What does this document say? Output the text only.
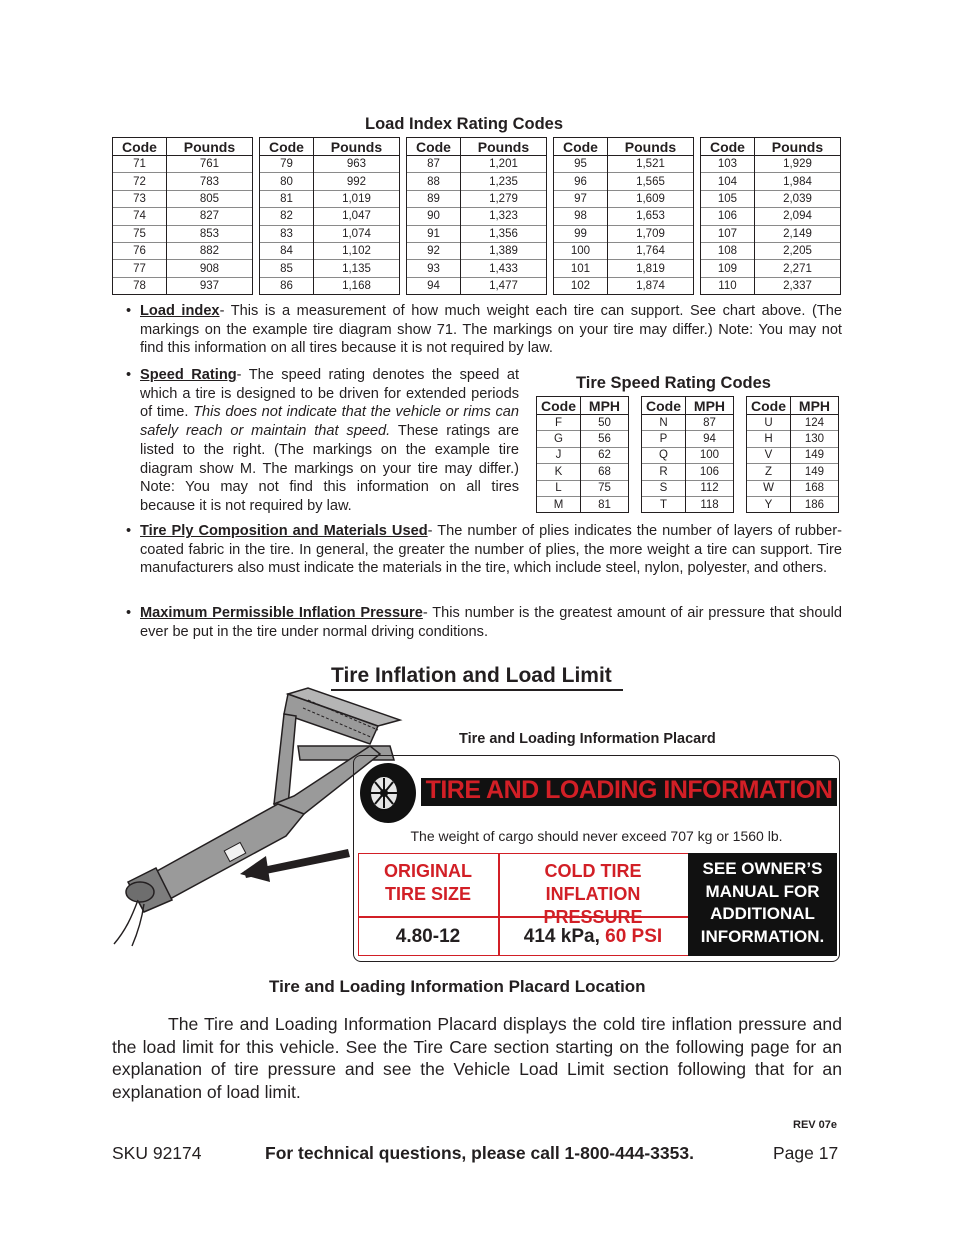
Load Index Rating Codes
Code	Pounds
71	761
72	783
73	805
74	827
75	853
76	882
77	908
78	937
Code	Pounds
79	963
80	992
81	1,019
82	1,047
83	1,074
84	1,102
85	1,135
86	1,168
Code	Pounds
87	1,201
88	1,235
89	1,279
90	1,323
91	1,356
92	1,389
93	1,433
94	1,477
Code	Pounds
95	1,521
96	1,565
97	1,609
98	1,653
99	1,709
100	1,764
101	1,819
102	1,874
Code	Pounds
103	1,929
104	1,984
105	2,039
106	2,094
107	2,149
108	2,205
109	2,271
110	2,337
• Load index- This is a measurement of how much weight each tire can support. See chart above. (The markings on the example tire diagram show 71. The markings on your tire may differ.) Note: You may not find this information on all tires because it is not required by law.
• Speed Rating- The speed rating denotes the speed at which a tire is designed to be driven for extended periods of time. This does not indicate that the vehicle or rims can safely reach or maintain that speed. These ratings are listed to the right. (The markings on the example tire diagram show M. The markings on your tire may differ.) Note: You may not find this information on all tires because it is not required by law.
Tire Speed Rating Codes
Code	MPH
F	50
G	56
J	62
K	68
L	75
M	81
Code	MPH
N	87
P	94
Q	100
R	106
S	112
T	118
Code	MPH
U	124
H	130
V	149
Z	149
W	168
Y	186
• Tire Ply Composition and Materials Used- The number of plies indicates the number of layers of rubber-coated fabric in the tire. In general, the greater the number of plies, the more weight a tire can support. Tire manufacturers also must indicate the materials in the tire, which include steel, nylon, polyester, and others.
• Maximum Permissible Inflation Pressure- This number is the greatest amount of air pressure that should ever be put in the tire under normal driving conditions.
Tire Inflation and Load Limit
Tire and Loading Information Placard
TIRE AND LOADING INFORMATION
The weight of cargo should never exceed 707 kg or 1560 lb.
ORIGINAL TIRE SIZE
COLD TIRE INFLATION PRESSURE
SEE OWNER’S MANUAL FOR ADDITIONAL INFORMATION.
4.80-12	414 kPa, 60 PSI
Tire and Loading Information Placard Location
The Tire and Loading Information Placard displays the cold tire inflation pressure and the load limit for this vehicle. See the Tire Care section starting on the following page for an explanation of tire pressure and see the Vehicle Load Limit section following that for an explanation of load limit.
REV 07e
SKU 92174	For technical questions, please call 1-800-444-3353.	Page 17
